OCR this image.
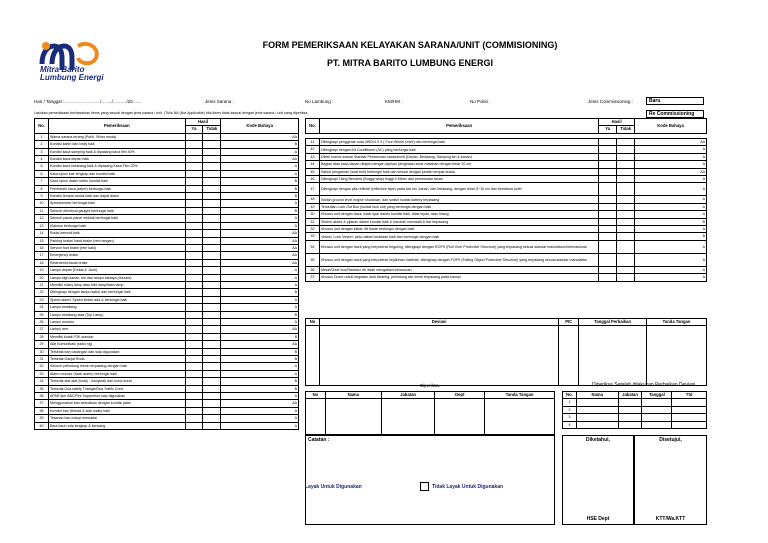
Mitra Barito
Lumbung Energi
FORM PEMERIKSAAN KELAYAKAN SARANA/UNIT (COMMISIONING)
PT. MITRA BARITO LUMBUNG ENERGI
Hari / Tanggal :……………………/……./………/20……	Jenis Sarana :	No Lambung :	KM/HM :	No Polisi :	Jenis Commissioning :	Baru
Re Commissioning
Lakukan pemeriksaan berdasarkan items yang sesuai dengan jenis sarana / unit. (Tulis NA (Not Applicable) bila items tidak sesuai dengan jenis sarana / unit yang diperiksa
No.	Pemeriksaan	Hasil		Kode Bahaya
		Ya	Tidak	
1	Warna sarana terang (Putih, Silver muda)			AA
2	Kondisi kabin dan body baik			B
3	Kondisi kaca samping baik & dipasang kaca film 40%			A
4	Kondisi kaca depan baik			AA
5	Kondisi kaca belakang baik & dipasang Kaca Film 20%			A
6	Kaca spion luar lengkap dan kondisi baik			A
7	Kaca spion dalam kabin kondisi baik			B
8	Pembersih kaca (wiper) berfungsi baik			B
9	Kondisi tempat duduk baik dan dapat diatur			B
10	Speedometer berfungsi baik			A
11	Seluruh electrical gauges berfungsi baik			B
12	Seluruh panel-panel elektrik berfungsi baik			A
13	Klakson berfungsi baik			A
14	Roda/ kemudi baik			AA
15	Parking brake/ hand brake (rem tangan)			AA
16	Service foot brake (rem kaki)			AA
17	Emergency brake			AA
18	Retarder/exhaust brake			AA
19	Lampu depan (Dekat & Jauh)			A
20	Lampu sign kanan, kiri dan lampu bahaya (Hazard)			A
21	Memiliki rotary lamp atau blitz lamp/flash lamp			A
22	Dilengkapi dengan lampu kabut dan berfungsi baik			B
23	Speed alarm/ Speed limiter ada & berfungsi baik			A
24	Lampu belakang			A
25	Lampu belakang atas (Top Lamp)			B
26	Lampu mundur			A
27	Lampu rem			AA
28	Memiliki kotak P3K standar			B
29	Alat Komunikasi (radio rig)			AA
30	Tersedia ban cadangan dan siap digunakan			B
31	Tersedia Ganjal Roda			B
32	Seluruh pelindung mesin terpasang dengan baik			A
33	Alarm mundur (back alarm) berfungsi baik			A
34	Tersedia alat-alat (tools) : dongkrak dan kunci-kunci			B
35	Tersedia Dua safety Triangle/Dua Traffic Cone			B
36	APAR tipe ABC/Fire Suppretion siap digunakan			A
37	Menggunakan ban sesuaikan dengan kondisi jalan			AA
38	Kondisi ban (thread & side walls) baik			A
39	Tekanan ban cukup memadai			A
40	Baut-baut roda lengkap & kencang			A
41	Dilengkapi penggerak roda 4WD/4 X 4 ( Four Wheel Drive) dan berfungsi baik			AA
42	Dilengkapi dengan Air Conditioner (AC) yang berfungsi baik			A
43	Diberi nomor sesuai Standar Penomoran sarana/unit (Depan, Belakang, Samping kiri & kanan)			A
44	Bagian atas kaca depan dilapisi dengan lapisan penghalau sinar matahari dengan lebar 20 cm			A
45	Sabuk pengaman (seat belt) berfungsi baik dan sesuai dengan jumlah tempat duduk			AA
46	Dilengkapi Tiang Bendera (Buggy whip) tinggi 4 Meter dari permukaan tanah			A
47	Dilengkapi dengan pita reflectif (reflective tape) pada sisi kiri, kanan, dan belakang, dengan lebar 5~10 cm dan berwarna putih			A
48	Switch ground level engine shutdown, dan switch isolasi battery terpasang			A
49	Tersedian Lock Out Box (isolasi lock out) yang berfungsi dengan baik			A
50	Khusus unit dengan track, track spar dalam kondisi baik, tidak lepas, atau hilang			A
51	Sistem akses & pijakan dalam kondisi baik & handrail memadai & bar terpasang			B
52	Khusus unit dengan blade, tilt blade berfungsi dengan baik			A
53	Vessel, Lock Vessel, pintu dalam keadaan baik dan berfungsi dengan baik			B
54	Khusus unit dengan track yang berpotensi terguling, dilengkapi dengan ROPS (Roll Over Protective Structure) yang terpasang sesuai standar manufaktur/internasional			A
55	Khusus unit dengan track yang berpotensi kejatuhan material, dilengkapi dengan FOPS (Falling Object Protective Structure) yang terpasang sesuai standar manufaktur			A
56	Mesin/Gear box/Radiator dll, tidak mengalami kebocoran			A
57	Khusus Dozer untuk kegiatan land clearing, pelindung win mesh terpasang pada kanopi			A
No.	Pemeriksaan	Hasil		Kode Bahaya
		Ya	Tidak	
No	Deviasi	PIC	Tanggal Perbaikan	Tanda Tangan

Diperiksa,
No	Nama	Jabatan	Dept	Tanda Tangan

Diperiksa Setelah dilakukan Perbaikan Deviasi,
No.	Nama	Jabatan	Tanggal	Ttd
1				
2				
3				
4				
Catatan :
Layak Untuk Digunakan	Tidak Layak Untuk Digunakan
Diketahui,
HSE Dept
Disetujui,
KTT/Wa.KTT
